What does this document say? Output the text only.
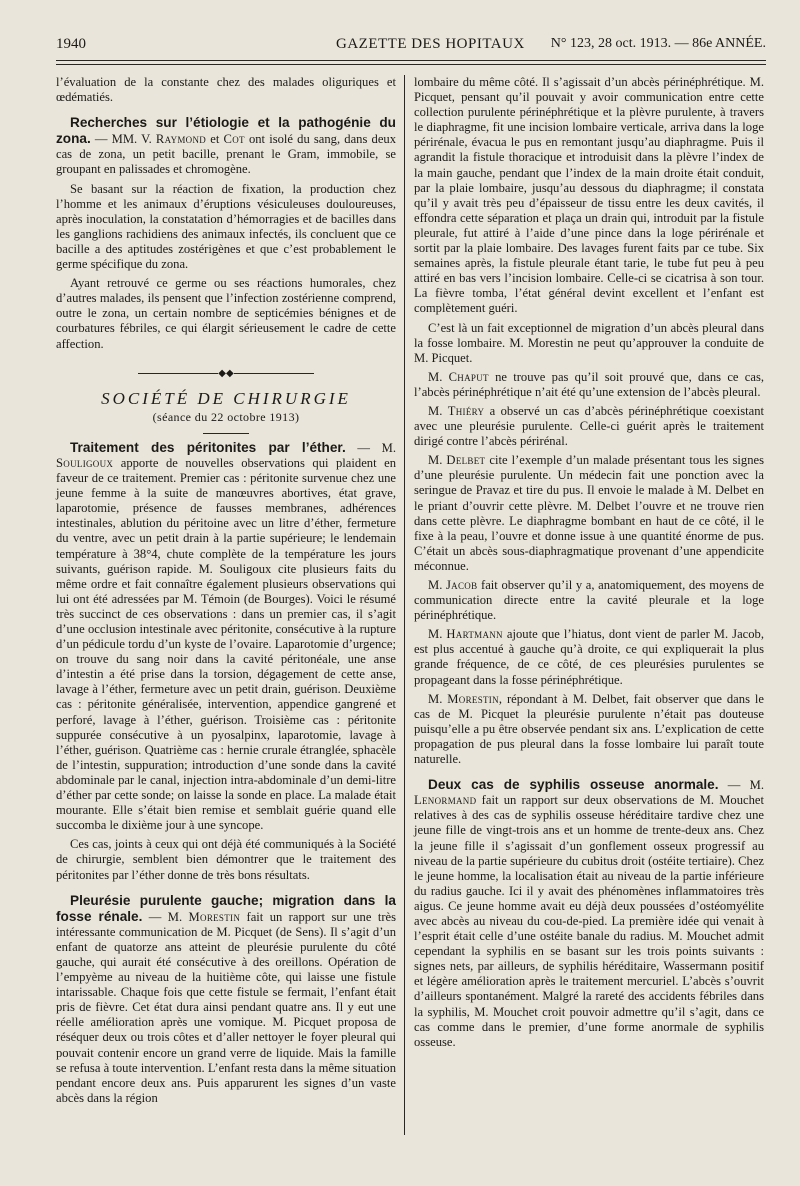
1940	GAZETTE DES HOPITAUX N° 123, 28 oct. 1913. — 86e ANNÉE.

l’évaluation de la constante chez des malades oliguriques et œdématiés.

Recherches sur l’étiologie et la pathogénie du zona. — MM. V. Raymond et Cot ont isolé du sang, dans deux cas de zona, un petit bacille, prenant le Gram, immobile, se groupant en palissades et chromogène.

Se basant sur la réaction de fixation, la production chez l’homme et les animaux d’éruptions vésiculeuses douloureuses, après inoculation, la constatation d’hémorragies et de bacilles dans les ganglions rachidiens des animaux infectés, ils concluent que ce bacille a des aptitudes zostérigènes et que c’est probablement le germe spécifique du zona.

Ayant retrouvé ce germe ou ses réactions humorales, chez d’autres malades, ils pensent que l’infection zostérienne comprend, outre le zona, un certain nombre de septicémies bénignes et de courbatures fébriles, ce qui élargit sérieusement le cadre de cette affection.

◆◆
SOCIÉTÉ DE CHIRURGIE
(séance du 22 octobre 1913)

Traitement des péritonites par l’éther. — M. Souligoux apporte de nouvelles observations qui plaident en faveur de ce traitement. Premier cas : péritonite survenue chez une jeune femme à la suite de manœuvres abortives, état grave, laparotomie, présence de fausses membranes, adhérences intestinales, ablution du péritoine avec un litre d’éther, fermeture du ventre, avec un petit drain à la partie supérieure; le lendemain température à 38°4, chute complète de la température les jours suivants, guérison rapide. M. Souligoux cite plusieurs faits du même ordre et fait connaître également plusieurs observations qui lui ont été adressées par M. Témoin (de Bourges). Voici le résumé très succinct de ces observations : dans un premier cas, il s’agit d’une occlusion intestinale avec péritonite, consécutive à la rupture d’un pédicule tordu d’un kyste de l’ovaire. Laparotomie d’urgence; on trouve du sang noir dans la cavité péritonéale, une anse d’intestin a été prise dans la torsion, dégagement de cette anse, lavage à l’éther, fermeture avec un petit drain, guérison. Deuxième cas : péritonite généralisée, intervention, appendice gangrené et perforé, lavage à l’éther, guérison. Troisième cas : péritonite suppurée consécutive à un pyosalpinx, laparotomie, lavage à l’éther, guérison. Quatrième cas : hernie crurale étranglée, sphacèle de l’intestin, suppuration; introduction d’une sonde dans la cavité abdominale par le canal, injection intra-abdominale d’un demi-litre d’éther par cette sonde; on laisse la sonde en place. La malade était mourante. Elle s’était bien remise et semblait guérie quand elle succomba le dixième jour à une syncope.

Ces cas, joints à ceux qui ont déjà été communiqués à la Société de chirurgie, semblent bien démontrer que le traitement des péritonites par l’éther donne de très bons résultats.

Pleurésie purulente gauche; migration dans la fosse rénale. — M. Morestin fait un rapport sur une très intéressante communication de M. Picquet (de Sens). Il s’agit d’un enfant de quatorze ans atteint de pleurésie purulente du côté gauche, qui aurait été consécutive à des oreillons. Opération de l’empyème au niveau de la huitième côte, qui laisse une fistule intarissable. Chaque fois que cette fistule se fermait, l’enfant était pris de fièvre. Cet état dura ainsi pendant quatre ans. Il y eut une réelle amélioration après une vomique. M. Picquet proposa de réséquer deux ou trois côtes et d’aller nettoyer le foyer pleural qui pouvait contenir encore un grand verre de liquide. Mais la famille se refusa à toute intervention. L’enfant resta dans la même situation pendant encore deux ans. Puis apparurent les signes d’un vaste abcès dans la région

lombaire du même côté. Il s’agissait d’un abcès périnéphrétique. M. Picquet, pensant qu’il pouvait y avoir communication entre cette collection purulente périnéphrétique et la plèvre purulente, à travers le diaphragme, fit une incision lombaire verticale, arriva dans la loge périrénale, évacua le pus en remontant jusqu’au diaphragme. Puis il agrandit la fistule thoracique et introduisit dans la plèvre l’index de la main gauche, pendant que l’index de la main droite était conduit, par la plaie lombaire, jusqu’au dessous du diaphragme; il constata qu’il y avait très peu d’épaisseur de tissu entre les deux cavités, il effondra cette séparation et plaça un drain qui, introduit par la fistule pleurale, fut attiré à l’aide d’une pince dans la loge périrénale et sortit par la plaie lombaire. Des lavages furent faits par ce tube. Six semaines après, la fistule pleurale étant tarie, le tube fut peu à peu attiré en bas vers l’incision lombaire. Celle-ci se cicatrisa à son tour. La fièvre tomba, l’état général devint excellent et l’enfant est complètement guéri.

C’est là un fait exceptionnel de migration d’un abcès pleural dans la fosse lombaire. M. Morestin ne peut qu’approuver la conduite de M. Picquet.

M. Chaput ne trouve pas qu’il soit prouvé que, dans ce cas, l’abcès périnéphrétique n’ait été qu’une extension de l’abcès pleural.

M. Thiéry a observé un cas d’abcès périnéphrétique coexistant avec une pleurésie purulente. Celle-ci guérit après le traitement dirigé contre l’abcès périrénal.

M. Delbet cite l’exemple d’un malade présentant tous les signes d’une pleurésie purulente. Un médecin fait une ponction avec la seringue de Pravaz et tire du pus. Il envoie le malade à M. Delbet en le priant d’ouvrir cette plèvre. M. Delbet l’ouvre et ne trouve rien dans cette plèvre. Le diaphragme bombant en haut de ce côté, il le fixe à la peau, l’ouvre et donne issue à une quantité énorme de pus. C’était un abcès sous-diaphragmatique provenant d’une appendicite méconnue.

M. Jacob fait observer qu’il y a, anatomiquement, des moyens de communication directe entre la cavité pleurale et la loge périnéphrétique.

M. Hartmann ajoute que l’hiatus, dont vient de parler M. Jacob, est plus accentué à gauche qu’à droite, ce qui expliquerait la plus grande fréquence, de ce côté, de ces pleurésies purulentes se propageant dans la fosse périnéphrétique.

M. Morestin, répondant à M. Delbet, fait observer que dans le cas de M. Picquet la pleurésie purulente n’était pas douteuse puisqu’elle a pu être observée pendant six ans. L’explication de cette propagation de pus pleural dans la fosse lombaire lui paraît toute naturelle.

Deux cas de syphilis osseuse anormale. — M. Lenormand fait un rapport sur deux observations de M. Mouchet relatives à des cas de syphilis osseuse héréditaire tardive chez une jeune fille de vingt-trois ans et un homme de trente-deux ans. Chez la jeune fille il s’agissait d’un gonflement osseux progressif au niveau de la partie supérieure du cubitus droit (ostéite tertiaire). Chez le jeune homme, la localisation était au niveau de la partie inférieure du radius gauche. Ici il y avait des phénomènes inflammatoires très aigus. Ce jeune homme avait eu déjà deux poussées d’ostéomyélite avec abcès au niveau du cou-de-pied. La première idée qui venait à l’esprit était celle d’une ostéite banale du radius. M. Mouchet admit cependant la syphilis en se basant sur les trois points suivants : signes nets, par ailleurs, de syphilis héréditaire, Wassermann positif et légère amélioration après le traitement mercuriel. L’abcès s’ouvrit d’ailleurs spontanément. Malgré la rareté des accidents fébriles dans la syphilis, M. Mouchet croit pouvoir admettre qu’il s’agit, dans ce cas comme dans le premier, d’une forme anormale de syphilis osseuse.
